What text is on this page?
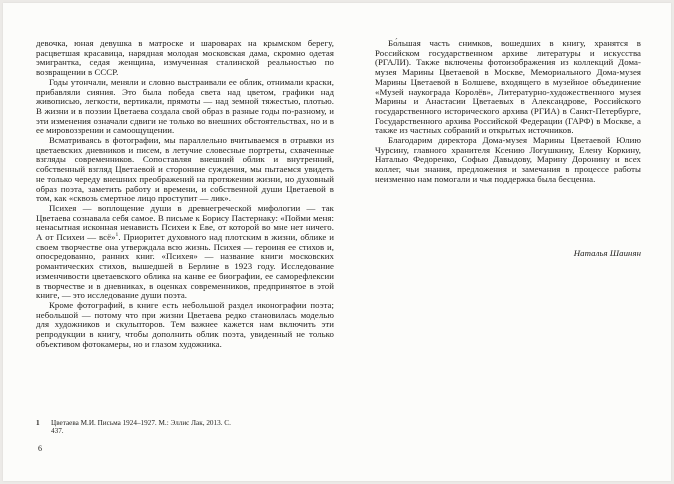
девочка, юная девушка в матроске и шароварах на крымском берегу, расцветшая красавица, нарядная молодая московская дама, скромно одетая эмигрантка, седая женщина, измученная сталинской реальностью по возвращении в СССР.

Годы утончали, меняли и словно выстраивали ее облик, отнимали краски, прибавляли сияния. Это была победа света над цветом, графики над живописью, легкости, вертикали, прямоты — над земной тяжестью, плотью. В жизни и в поэзии Цветаева создала свой образ в разные годы по-разному, и эти изменения означали сдвиги не только во внешних обстоятельствах, но и в ее мировоззрении и самоощущении.

Всматриваясь в фотографии, мы параллельно вчитываемся в отрывки из цветаевских дневников и писем, в летучие словесные портреты, схваченные взгляды современников. Сопоставляя внешний облик и внутренний, собственный взгляд Цветаевой и сторонние суждения, мы пытаемся увидеть не только череду внешних преображений на протяжении жизни, но духовный образ поэта, заметить работу и времени, и собственной души Цветаевой в том, как «сквозь смертное лицо проступит — лик».

Психея — воплощение души в древнегреческой мифологии — так Цветаева сознавала себя самое. В письме к Борису Пастернаку: «Пойми меня: ненасытная исконная ненависть Психеи к Еве, от которой во мне нет ничего. А от Психеи — всё»$^1$. Приоритет духовного над плотским в жизни, облике и своем творчестве она утверждала всю жизнь. Психея — героиня ее стихов и, опосредованно, ранних книг. «Психея» — название книги московских романтических стихов, вышедшей в Берлине в 1923 году. Исследование изменчивости цветаевского облика на канве ее биографии, ее саморефлексии в творчестве и в дневниках, в оценках современников, предпринятое в этой книге, — это исследование души поэта.

Кроме фотографий, в книге есть небольшой раздел иконографии поэта; небольшой — потому что при жизни Цветаева редко становилась моделью для художников и скульпторов. Тем важнее кажется нам включить эти репродукции в книгу, чтобы дополнить облик поэта, увиденный не только объективом фотокамеры, но и глазом художника.

Бо́льшая часть снимков, вошедших в книгу, хранятся в Российском государственном архиве литературы и искусства (РГАЛИ). Также включены фотоизображения из коллекций Дома-музея Марины Цветаевой в Москве, Мемориального Дома-музея Марины Цветаевой в Болшеве, входящего в музейное объединение «Музей наукограда Королёв», Литературно-художественного музея Марины и Анастасии Цветаевых в Александрове, Российского государственного исторического архива (РГИА) в Санкт-Петербурге, Государственного архива Российской Федерации (ГАРФ) в Москве, а также из частных собраний и открытых источников.

Благодарим директора Дома-музея Марины Цветаевой Юлию Чурсину, главного хранителя Ксению Логушкину, Елену Коркину, Наталью Федоренко, Софью Давыдову, Марину Доронину и всех коллег, чьи знания, предложения и замечания в процессе работы неизменно нам помогали и чья поддержка была бесценна.

Наталья Шаинян
1	Цветаева М.И. Письма 1924–1927. М.: Эллис Лак, 2013. С. 437.
6
